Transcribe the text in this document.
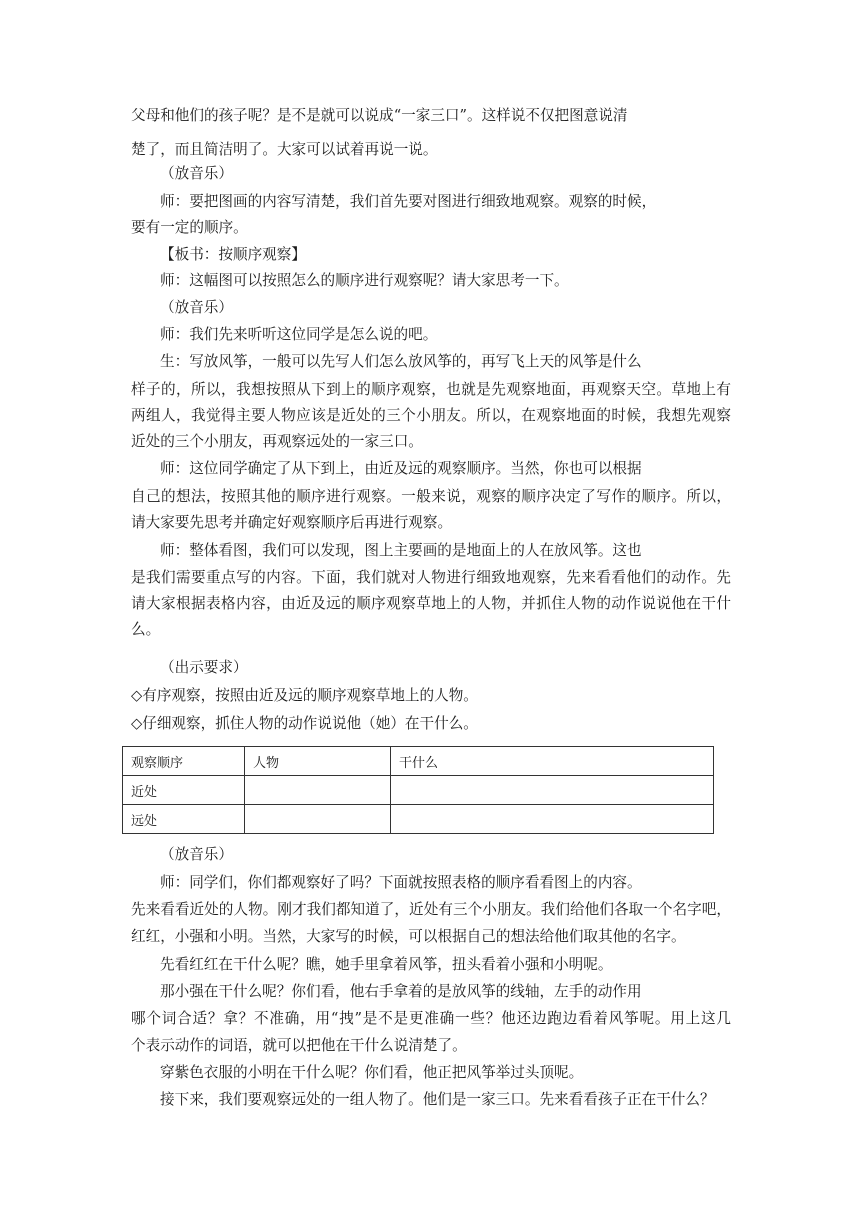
父母和他们的孩子呢？是不是就可以说成“一家三口”。这样说不仅把图意说清
楚了，而且简洁明了。大家可以试着再说一说。
（放音乐）
师：要把图画的内容写清楚，我们首先要对图进行细致地观察。观察的时候，
要有一定的顺序。
【板书：按顺序观察】
师：这幅图可以按照怎么的顺序进行观察呢？请大家思考一下。
（放音乐）
师：我们先来听听这位同学是怎么说的吧。
生：写放风筝，一般可以先写人们怎么放风筝的，再写飞上天的风筝是什么
样子的，所以，我想按照从下到上的顺序观察，也就是先观察地面，再观察天空。草地上有
两组人，我觉得主要人物应该是近处的三个小朋友。所以，在观察地面的时候，我想先观察
近处的三个小朋友，再观察远处的一家三口。
师：这位同学确定了从下到上，由近及远的观察顺序。当然，你也可以根据
自己的想法，按照其他的顺序进行观察。一般来说，观察的顺序决定了写作的顺序。所以，
请大家要先思考并确定好观察顺序后再进行观察。
师：整体看图，我们可以发现，图上主要画的是地面上的人在放风筝。这也
是我们需要重点写的内容。下面，我们就对人物进行细致地观察，先来看看他们的动作。先
请大家根据表格内容，由近及远的顺序观察草地上的人物，并抓住人物的动作说说他在干什
么。
（出示要求）
◇有序观察，按照由近及远的顺序观察草地上的人物。
◇仔细观察，抓住人物的动作说说他（她）在干什么。
观察顺序	人物	干什么
近处		
远处		
（放音乐）
师：同学们，你们都观察好了吗？下面就按照表格的顺序看看图上的内容。
先来看看近处的人物。刚才我们都知道了，近处有三个小朋友。我们给他们各取一个名字吧，
红红，小强和小明。当然，大家写的时候，可以根据自己的想法给他们取其他的名字。
先看红红在干什么呢？瞧，她手里拿着风筝，扭头看着小强和小明呢。
那小强在干什么呢？你们看，他右手拿着的是放风筝的线轴，左手的动作用
哪个词合适？拿？不准确，用“拽”是不是更准确一些？他还边跑边看着风筝呢。用上这几
个表示动作的词语，就可以把他在干什么说清楚了。
穿紫色衣服的小明在干什么呢？你们看，他正把风筝举过头顶呢。
接下来，我们要观察远处的一组人物了。他们是一家三口。先来看看孩子正在干什么？
